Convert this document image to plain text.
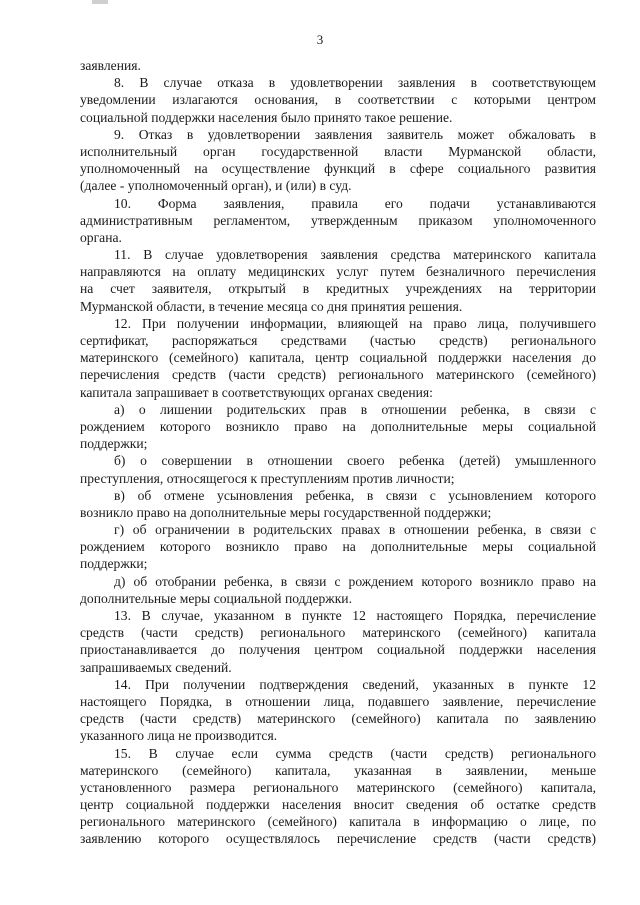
3
заявления.
8. В случае отказа в удовлетворении заявления в соответствующем
уведомлении излагаются основания, в соответствии с которыми центром
социальной поддержки населения было принято такое решение.
9. Отказ в удовлетворении заявления заявитель может обжаловать в
исполнительный орган государственной власти Мурманской области,
уполномоченный на осуществление функций в сфере социального развития
(далее - уполномоченный орган), и (или) в суд.
10. Форма заявления, правила его подачи устанавливаются
административным регламентом, утвержденным приказом уполномоченного
органа.
11. В случае удовлетворения заявления средства материнского капитала
направляются на оплату медицинских услуг путем безналичного перечисления
на счет заявителя, открытый в кредитных учреждениях на территории
Мурманской области, в течение месяца со дня принятия решения.
12. При получении информации, влияющей на право лица, получившего
сертификат, распоряжаться средствами (частью средств) регионального
материнского (семейного) капитала, центр социальной поддержки населения до
перечисления средств (части средств) регионального материнского (семейного)
капитала запрашивает в соответствующих органах сведения:
а) о лишении родительских прав в отношении ребенка, в связи с
рождением которого возникло право на дополнительные меры социальной
поддержки;
б) о совершении в отношении своего ребенка (детей) умышленного
преступления, относящегося к преступлениям против личности;
в) об отмене усыновления ребенка, в связи с усыновлением которого
возникло право на дополнительные меры государственной поддержки;
г) об ограничении в родительских правах в отношении ребенка, в связи с
рождением которого возникло право на дополнительные меры социальной
поддержки;
д) об отобрании ребенка, в связи с рождением которого возникло право на
дополнительные меры социальной поддержки.
13. В случае, указанном в пункте 12 настоящего Порядка, перечисление
средств (части средств) регионального материнского (семейного) капитала
приостанавливается до получения центром социальной поддержки населения
запрашиваемых сведений.
14. При получении подтверждения сведений, указанных в пункте 12
настоящего Порядка, в отношении лица, подавшего заявление, перечисление
средств (части средств) материнского (семейного) капитала по заявлению
указанного лица не производится.
15. В случае если сумма средств (части средств) регионального
материнского (семейного) капитала, указанная в заявлении, меньше
установленного размера регионального материнского (семейного) капитала,
центр социальной поддержки населения вносит сведения об остатке средств
регионального материнского (семейного) капитала в информацию о лице, по
заявлению которого осуществлялось перечисление средств (части средств)
